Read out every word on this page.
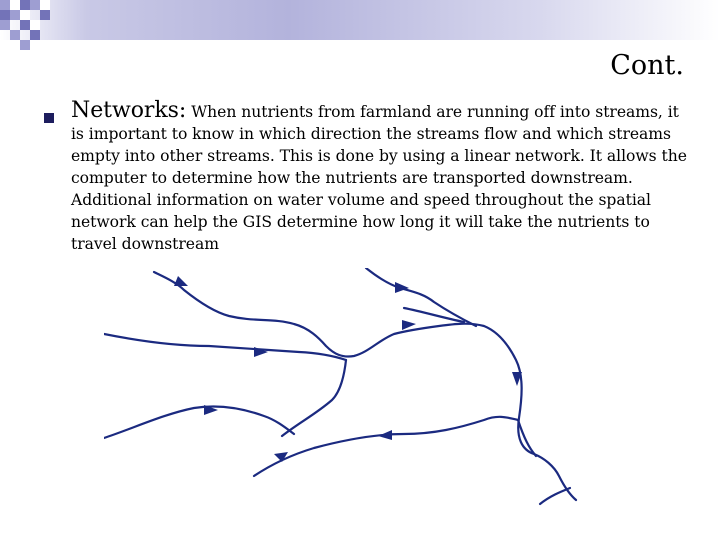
Cont.
Networks: When nutrients from farmland are running off into streams, it is important to know in which direction the streams flow and which streams empty into other streams. This is done by using a linear network. It allows the computer to determine how the nutrients are transported downstream. Additional information on water volume and speed throughout the spatial network can help the GIS determine how long it will take the nutrients to travel downstream
